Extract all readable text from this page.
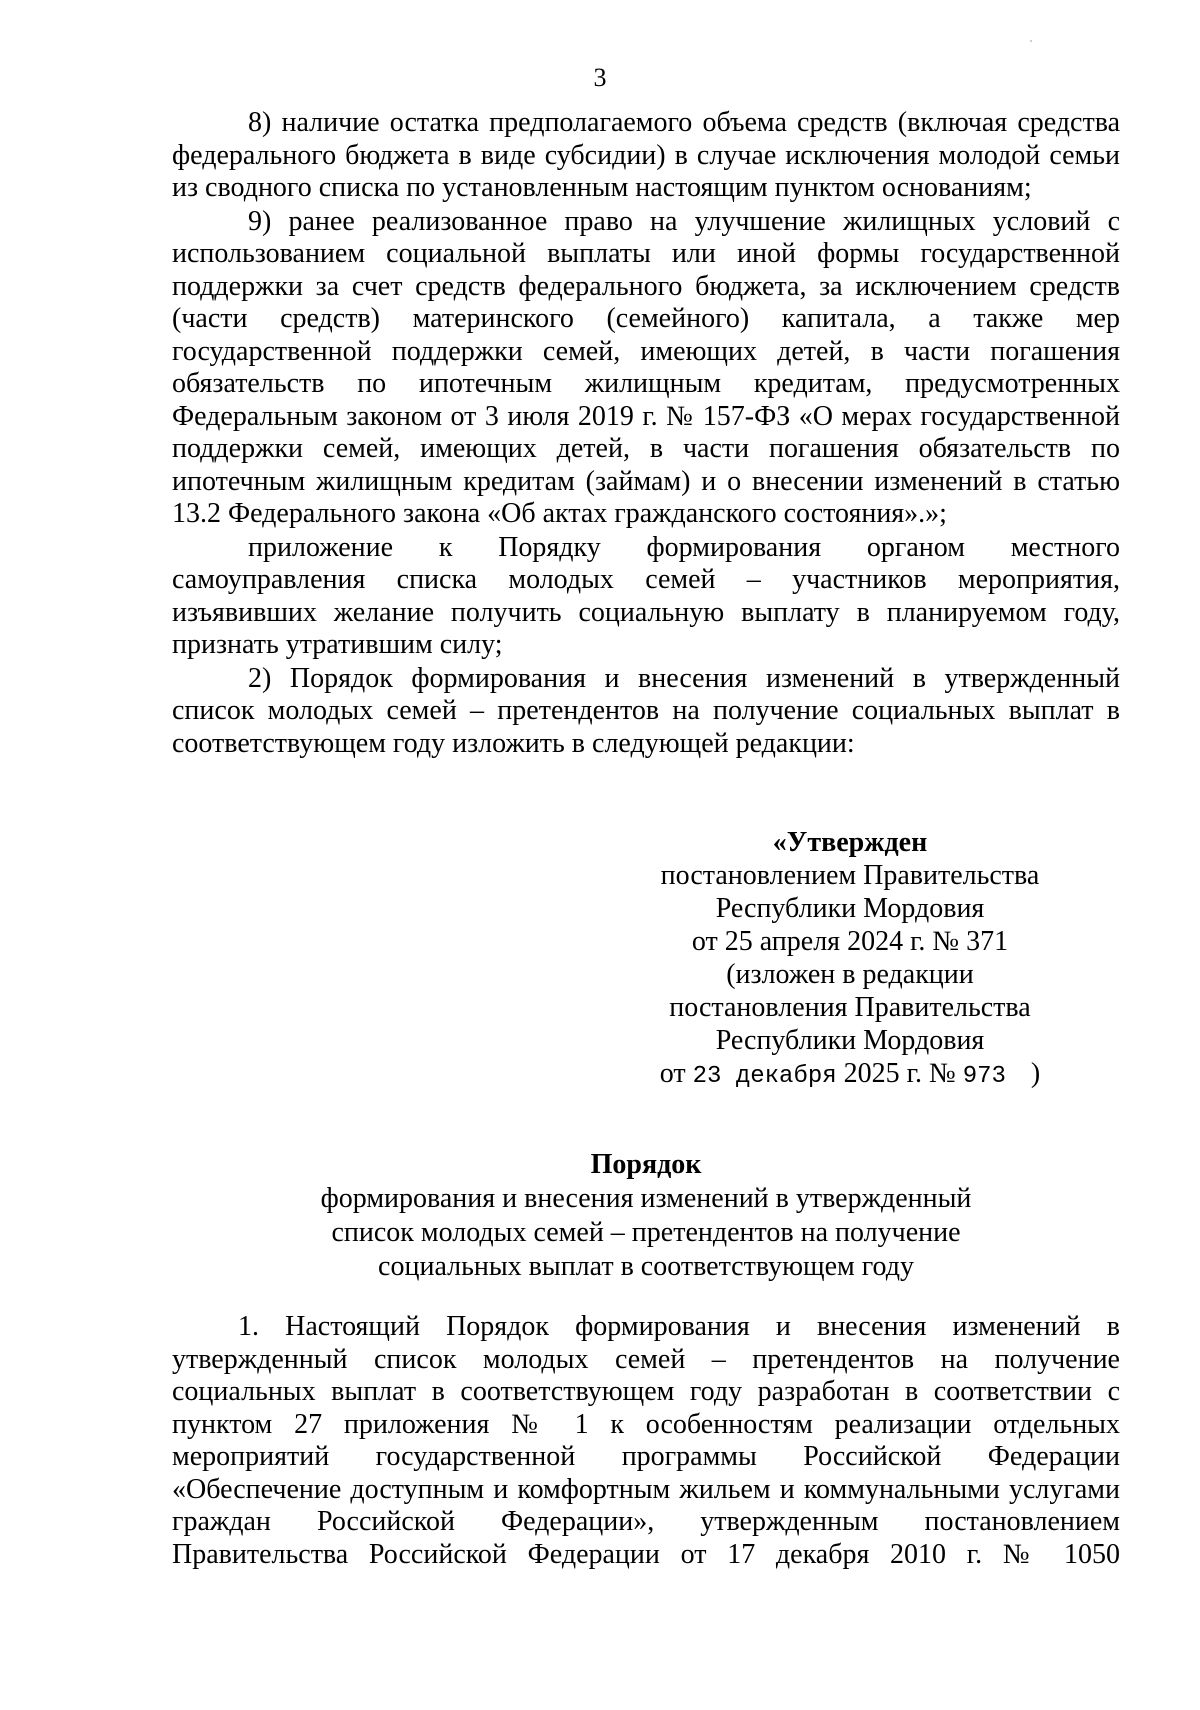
3

8) наличие остатка предполагаемого объема средств (включая средства федерального бюджета в виде субсидии) в случае исключения молодой семьи из сводного списка по установленным настоящим пунктом основаниям;

9) ранее реализованное право на улучшение жилищных условий с использованием социальной выплаты или иной формы государственной поддержки за счет средств федерального бюджета, за исключением средств (части средств) материнского (семейного) капитала, а также мер государственной поддержки семей, имеющих детей, в части погашения обязательств по ипотечным жилищным кредитам, предусмотренных Федеральным законом от 3 июля 2019 г. № 157-ФЗ «О мерах государственной поддержки семей, имеющих детей, в части погашения обязательств по ипотечным жилищным кредитам (займам) и о внесении изменений в статью 13.2 Федерального закона «Об актах гражданского состояния».»;

приложение к Порядку формирования органом местного самоуправления списка молодых семей – участников мероприятия, изъявивших желание получить социальную выплату в планируемом году, признать утратившим силу;

2) Порядок формирования и внесения изменений в утвержденный список молодых семей – претендентов на получение социальных выплат в соответствующем году изложить в следующей редакции:

«Утвержден
постановлением Правительства
Республики Мордовия
от 25 апреля 2024 г. № 371
(изложен в редакции
постановления Правительства
Республики Мордовия
от 23 декабря 2025 г. № 973 )
Порядок
формирования и внесения изменений в утвержденный
список молодых семей – претендентов на получение
социальных выплат в соответствующем году

1. Настоящий Порядок формирования и внесения изменений в утвержденный список молодых семей – претендентов на получение социальных выплат в соответствующем году разработан в соответствии с пунктом 27 приложения № 1 к особенностям реализации отдельных мероприятий государственной программы Российской Федерации «Обеспечение доступным и комфортным жильем и коммунальными услугами граждан Российской Федерации», утвержденным постановлением Правительства Российской Федерации от 17 декабря 2010 г. № 1050
